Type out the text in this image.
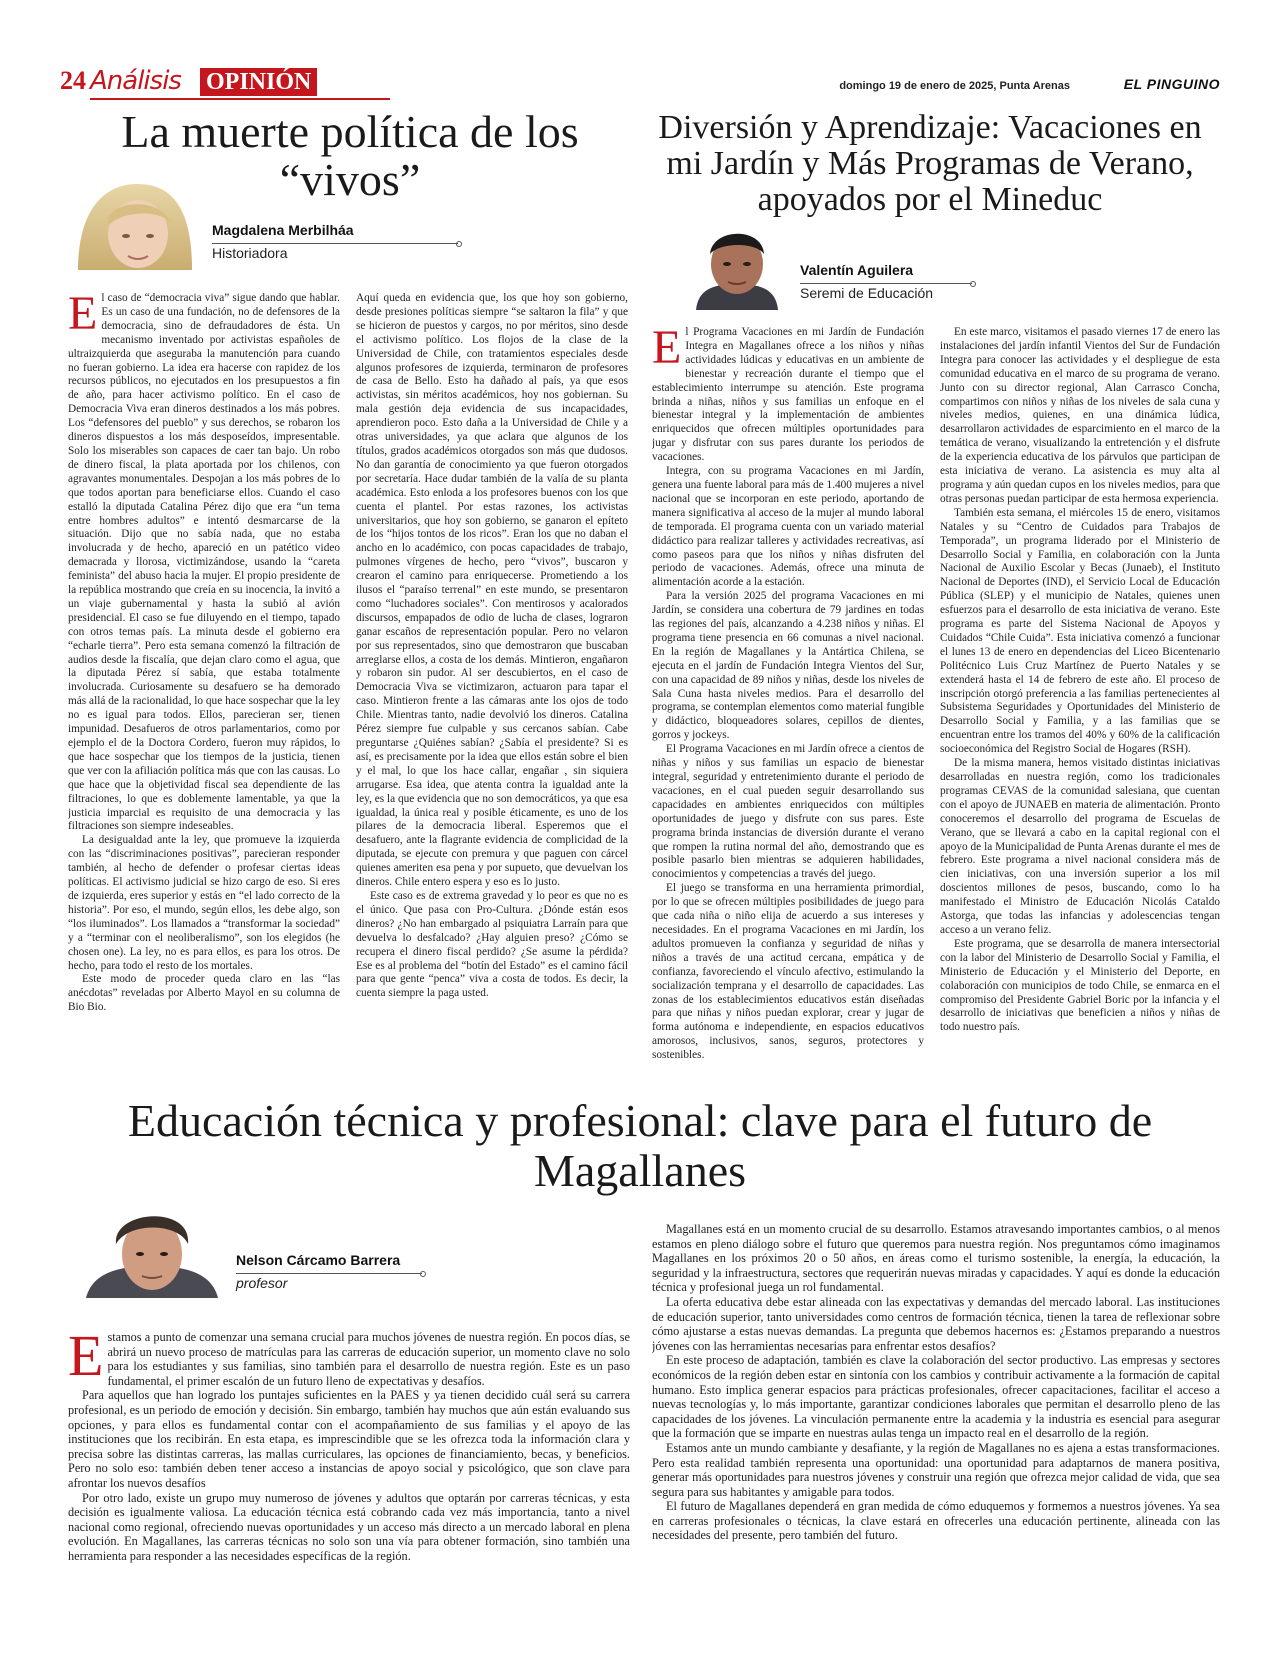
24 Análisis OPINIÓN	domingo 19 de enero de 2025, Punta Arenas	EL PINGUINO
La muerte política de los “vivos”
Magdalena Merbilháa
Historiadora

El caso de “democracia viva” sigue dando que hablar. Es un caso de una fundación, no de defensores de la democracia, sino de defraudadores de ésta. Un mecanismo inventado por activistas españoles de ultraizquierda que aseguraba la manutención para cuando no fueran gobierno. La idea era hacerse con rapidez de los recursos públicos, no ejecutados en los presupuestos a fin de año, para hacer activismo político. En el caso de Democracia Viva eran dineros destinados a los más pobres. Los “defensores del pueblo” y sus derechos, se robaron los dineros dispuestos a los más desposeídos, impresentable. Solo los miserables son capaces de caer tan bajo. Un robo de dinero fiscal, la plata aportada por los chilenos, con agravantes monumentales. Despojan a los más pobres de lo que todos aportan para beneficiarse ellos. Cuando el caso estalló la diputada Catalina Pérez dijo que era “un tema entre hombres adultos” e intentó desmarcarse de la situación. Dijo que no sabía nada, que no estaba involucrada y de hecho, apareció en un patético video demacrada y llorosa, victimizándose, usando la “careta feminista” del abuso hacia la mujer. El propio presidente de la república mostrando que creía en su inocencia, la invitó a un viaje gubernamental y hasta la subió al avión presidencial. El caso se fue diluyendo en el tiempo, tapado con otros temas país. La minuta desde el gobierno era “echarle tierra”. Pero esta semana comenzó la filtración de audios desde la fiscalía, que dejan claro como el agua, que la diputada Pérez sí sabía, que estaba totalmente involucrada. Curiosamente su desafuero se ha demorado más allá de la racionalidad, lo que hace sospechar que la ley no es igual para todos. Ellos, parecieran ser, tienen impunidad. Desafueros de otros parlamentarios, como por ejemplo el de la Doctora Cordero, fueron muy rápidos, lo que hace sospechar que los tiempos de la justicia, tienen que ver con la afiliación política más que con las causas. Lo que hace que la objetividad fiscal sea dependiente de las filtraciones, lo que es doblemente lamentable, ya que la justicia imparcial es requisito de una democracia y las filtraciones son siempre indeseables.

La desigualdad ante la ley, que promueve la izquierda con las “discriminaciones positivas”, parecieran responder también, al hecho de defender o profesar ciertas ideas políticas. El activismo judicial se hizo cargo de eso. Si eres de izquierda, eres superior y estás en “el lado correcto de la historia”. Por eso, el mundo, según ellos, les debe algo, son “los iluminados”. Los llamados a “transformar la sociedad” y a “terminar con el neoliberalismo”, son los elegidos (he chosen one). La ley, no es para ellos, es para los otros. De hecho, para todo el resto de los mortales.

Este modo de proceder queda claro en las “las anécdotas” reveladas por Alberto Mayol en su columna de Bio Bio.

Aquí queda en evidencia que, los que hoy son gobierno, desde presiones políticas siempre “se saltaron la fila” y que se hicieron de puestos y cargos, no por méritos, sino desde el activismo político. Los flojos de la clase de la Universidad de Chile, con tratamientos especiales desde algunos profesores de izquierda, terminaron de profesores de casa de Bello. Esto ha dañado al país, ya que esos activistas, sin méritos académicos, hoy nos gobiernan. Su mala gestión deja evidencia de sus incapacidades, aprendieron poco. Esto daña a la Universidad de Chile y a otras universidades, ya que aclara que algunos de los títulos, grados académicos otorgados son más que dudosos. No dan garantía de conocimiento ya que fueron otorgados por secretaría. Hace dudar también de la valía de su planta académica. Esto enloda a los profesores buenos con los que cuenta el plantel. Por estas razones, los activistas universitarios, que hoy son gobierno, se ganaron el epíteto de los “hijos tontos de los ricos”. Eran los que no daban el ancho en lo académico, con pocas capacidades de trabajo, pulmones vírgenes de hecho, pero “vivos”, buscaron y crearon el camino para enriquecerse. Prometiendo a los ilusos el “paraíso terrenal” en este mundo, se presentaron como “luchadores sociales”. Con mentirosos y acalorados discursos, empapados de odio de lucha de clases, lograron ganar escaños de representación popular. Pero no velaron por sus representados, sino que demostraron que buscaban arreglarse ellos, a costa de los demás. Mintieron, engañaron y robaron sin pudor. Al ser descubiertos, en el caso de Democracia Viva se victimizaron, actuaron para tapar el caso. Mintieron frente a las cámaras ante los ojos de todo Chile. Mientras tanto, nadie devolvió los dineros. Catalina Pérez siempre fue culpable y sus cercanos sabían. Cabe preguntarse ¿Quiénes sabían? ¿Sabía el presidente? Si es así, es precisamente por la idea que ellos están sobre el bien y el mal, lo que los hace callar, engañar , sin siquiera arrugarse. Esa idea, que atenta contra la igualdad ante la ley, es la que evidencia que no son democráticos, ya que esa igualdad, la única real y posible éticamente, es uno de los pilares de la democracia liberal. Esperemos que el desafuero, ante la flagrante evidencia de complicidad de la diputada, se ejecute con premura y que paguen con cárcel quienes ameriten esa pena y por supueto, que devuelvan los dineros. Chile entero espera y eso es lo justo.

Este caso es de extrema gravedad y lo peor es que no es el único. Que pasa con Pro-Cultura. ¿Dónde están esos dineros? ¿No han embargado al psiquiatra Larraín para que devuelva lo desfalcado? ¿Hay alguien preso? ¿Cómo se recupera el dinero fiscal perdido? ¿Se asume la pérdida? Ese es al problema del “botín del Estado” es el camino fácil para que gente “penca” viva a costa de todos. Es decir, la cuenta siempre la paga usted.

Diversión y Aprendizaje: Vacaciones en mi Jardín y Más Programas de Verano, apoyados por el Mineduc
Valentín Aguilera
Seremi de Educación

El Programa Vacaciones en mi Jardín de Fundación Integra en Magallanes ofrece a los niños y niñas actividades lúdicas y educativas en un ambiente de bienestar y recreación durante el tiempo que el establecimiento interrumpe su atención. Este programa brinda a niñas, niños y sus familias un enfoque en el bienestar integral y la implementación de ambientes enriquecidos que ofrecen múltiples oportunidades para jugar y disfrutar con sus pares durante los periodos de vacaciones.

Integra, con su programa Vacaciones en mi Jardín, genera una fuente laboral para más de 1.400 mujeres a nivel nacional que se incorporan en este periodo, aportando de manera significativa al acceso de la mujer al mundo laboral de temporada. El programa cuenta con un variado material didáctico para realizar talleres y actividades recreativas, así como paseos para que los niños y niñas disfruten del periodo de vacaciones. Además, ofrece una minuta de alimentación acorde a la estación.

Para la versión 2025 del programa Vacaciones en mi Jardín, se considera una cobertura de 79 jardines en todas las regiones del país, alcanzando a 4.238 niños y niñas. El programa tiene presencia en 66 comunas a nivel nacional. En la región de Magallanes y la Antártica Chilena, se ejecuta en el jardín de Fundación Integra Vientos del Sur, con una capacidad de 89 niños y niñas, desde los niveles de Sala Cuna hasta niveles medios. Para el desarrollo del programa, se contemplan elementos como material fungible y didáctico, bloqueadores solares, cepillos de dientes, gorros y jockeys.

El Programa Vacaciones en mi Jardín ofrece a cientos de niñas y niños y sus familias un espacio de bienestar integral, seguridad y entretenimiento durante el periodo de vacaciones, en el cual pueden seguir desarrollando sus capacidades en ambientes enriquecidos con múltiples oportunidades de juego y disfrute con sus pares. Este programa brinda instancias de diversión durante el verano que rompen la rutina normal del año, demostrando que es posible pasarlo bien mientras se adquieren habilidades, conocimientos y competencias a través del juego.

El juego se transforma en una herramienta primordial, por lo que se ofrecen múltiples posibilidades de juego para que cada niña o niño elija de acuerdo a sus intereses y necesidades. En el programa Vacaciones en mi Jardín, los adultos promueven la confianza y seguridad de niñas y niños a través de una actitud cercana, empática y de confianza, favoreciendo el vínculo afectivo, estimulando la socialización temprana y el desarrollo de capacidades. Las zonas de los establecimientos educativos están diseñadas para que niñas y niños puedan explorar, crear y jugar de forma autónoma e independiente, en espacios educativos amorosos, inclusivos, sanos, seguros, protectores y sostenibles.

En este marco, visitamos el pasado viernes 17 de enero las instalaciones del jardín infantil Vientos del Sur de Fundación Integra para conocer las actividades y el despliegue de esta comunidad educativa en el marco de su programa de verano. Junto con su director regional, Alan Carrasco Concha, compartimos con niños y niñas de los niveles de sala cuna y niveles medios, quienes, en una dinámica lúdica, desarrollaron actividades de esparcimiento en el marco de la temática de verano, visualizando la entretención y el disfrute de la experiencia educativa de los párvulos que participan de esta iniciativa de verano. La asistencia es muy alta al programa y aún quedan cupos en los niveles medios, para que otras personas puedan participar de esta hermosa experiencia.

También esta semana, el miércoles 15 de enero, visitamos Natales y su “Centro de Cuidados para Trabajos de Temporada”, un programa liderado por el Ministerio de Desarrollo Social y Familia, en colaboración con la Junta Nacional de Auxilio Escolar y Becas (Junaeb), el Instituto Nacional de Deportes (IND), el Servicio Local de Educación Pública (SLEP) y el municipio de Natales, quienes unen esfuerzos para el desarrollo de esta iniciativa de verano. Este programa es parte del Sistema Nacional de Apoyos y Cuidados “Chile Cuida”. Esta iniciativa comenzó a funcionar el lunes 13 de enero en dependencias del Liceo Bicentenario Politécnico Luis Cruz Martínez de Puerto Natales y se extenderá hasta el 14 de febrero de este año. El proceso de inscripción otorgó preferencia a las familias pertenecientes al Subsistema Seguridades y Oportunidades del Ministerio de Desarrollo Social y Familia, y a las familias que se encuentran entre los tramos del 40% y 60% de la calificación socioeconómica del Registro Social de Hogares (RSH).

De la misma manera, hemos visitado distintas iniciativas desarrolladas en nuestra región, como los tradicionales programas CEVAS de la comunidad salesiana, que cuentan con el apoyo de JUNAEB en materia de alimentación. Pronto conoceremos el desarrollo del programa de Escuelas de Verano, que se llevará a cabo en la capital regional con el apoyo de la Municipalidad de Punta Arenas durante el mes de febrero. Este programa a nivel nacional considera más de cien iniciativas, con una inversión superior a los mil doscientos millones de pesos, buscando, como lo ha manifestado el Ministro de Educación Nicolás Cataldo Astorga, que todas las infancias y adolescencias tengan acceso a un verano feliz.

Este programa, que se desarrolla de manera intersectorial con la labor del Ministerio de Desarrollo Social y Familia, el Ministerio de Educación y el Ministerio del Deporte, en colaboración con municipios de todo Chile, se enmarca en el compromiso del Presidente Gabriel Boric por la infancia y el desarrollo de iniciativas que beneficien a niños y niñas de todo nuestro país.

Educación técnica y profesional: clave para el futuro de Magallanes
Nelson Cárcamo Barrera
profesor

Estamos a punto de comenzar una semana crucial para muchos jóvenes de nuestra región. En pocos días, se abrirá un nuevo proceso de matrículas para las carreras de educación superior, un momento clave no solo para los estudiantes y sus familias, sino también para el desarrollo de nuestra región. Este es un paso fundamental, el primer escalón de un futuro lleno de expectativas y desafíos.

Para aquellos que han logrado los puntajes suficientes en la PAES y ya tienen decidido cuál será su carrera profesional, es un periodo de emoción y decisión. Sin embargo, también hay muchos que aún están evaluando sus opciones, y para ellos es fundamental contar con el acompañamiento de sus familias y el apoyo de las instituciones que los recibirán. En esta etapa, es imprescindible que se les ofrezca toda la información clara y precisa sobre las distintas carreras, las mallas curriculares, las opciones de financiamiento, becas, y beneficios. Pero no solo eso: también deben tener acceso a instancias de apoyo social y psicológico, que son clave para afrontar los nuevos desafíos

Por otro lado, existe un grupo muy numeroso de jóvenes y adultos que optarán por carreras técnicas, y esta decisión es igualmente valiosa. La educación técnica está cobrando cada vez más importancia, tanto a nivel nacional como regional, ofreciendo nuevas oportunidades y un acceso más directo a un mercado laboral en plena evolución. En Magallanes, las carreras técnicas no solo son una vía para obtener formación, sino también una herramienta para responder a las necesidades específicas de la región.

Magallanes está en un momento crucial de su desarrollo. Estamos atravesando importantes cambios, o al menos estamos en pleno diálogo sobre el futuro que queremos para nuestra región. Nos preguntamos cómo imaginamos Magallanes en los próximos 20 o 50 años, en áreas como el turismo sostenible, la energía, la educación, la seguridad y la infraestructura, sectores que requerirán nuevas miradas y capacidades. Y aquí es donde la educación técnica y profesional juega un rol fundamental.

La oferta educativa debe estar alineada con las expectativas y demandas del mercado laboral. Las instituciones de educación superior, tanto universidades como centros de formación técnica, tienen la tarea de reflexionar sobre cómo ajustarse a estas nuevas demandas. La pregunta que debemos hacernos es: ¿Estamos preparando a nuestros jóvenes con las herramientas necesarias para enfrentar estos desafíos?

En este proceso de adaptación, también es clave la colaboración del sector productivo. Las empresas y sectores económicos de la región deben estar en sintonía con los cambios y contribuir activamente a la formación de capital humano. Esto implica generar espacios para prácticas profesionales, ofrecer capacitaciones, facilitar el acceso a nuevas tecnologías y, lo más importante, garantizar condiciones laborales que permitan el desarrollo pleno de las capacidades de los jóvenes. La vinculación permanente entre la academia y la industria es esencial para asegurar que la formación que se imparte en nuestras aulas tenga un impacto real en el desarrollo de la región.

Estamos ante un mundo cambiante y desafiante, y la región de Magallanes no es ajena a estas transformaciones. Pero esta realidad también representa una oportunidad: una oportunidad para adaptarnos de manera positiva, generar más oportunidades para nuestros jóvenes y construir una región que ofrezca mejor calidad de vida, que sea segura para sus habitantes y amigable para todos.

El futuro de Magallanes dependerá en gran medida de cómo eduquemos y formemos a nuestros jóvenes. Ya sea en carreras profesionales o técnicas, la clave estará en ofrecerles una educación pertinente, alineada con las necesidades del presente, pero también del futuro.
